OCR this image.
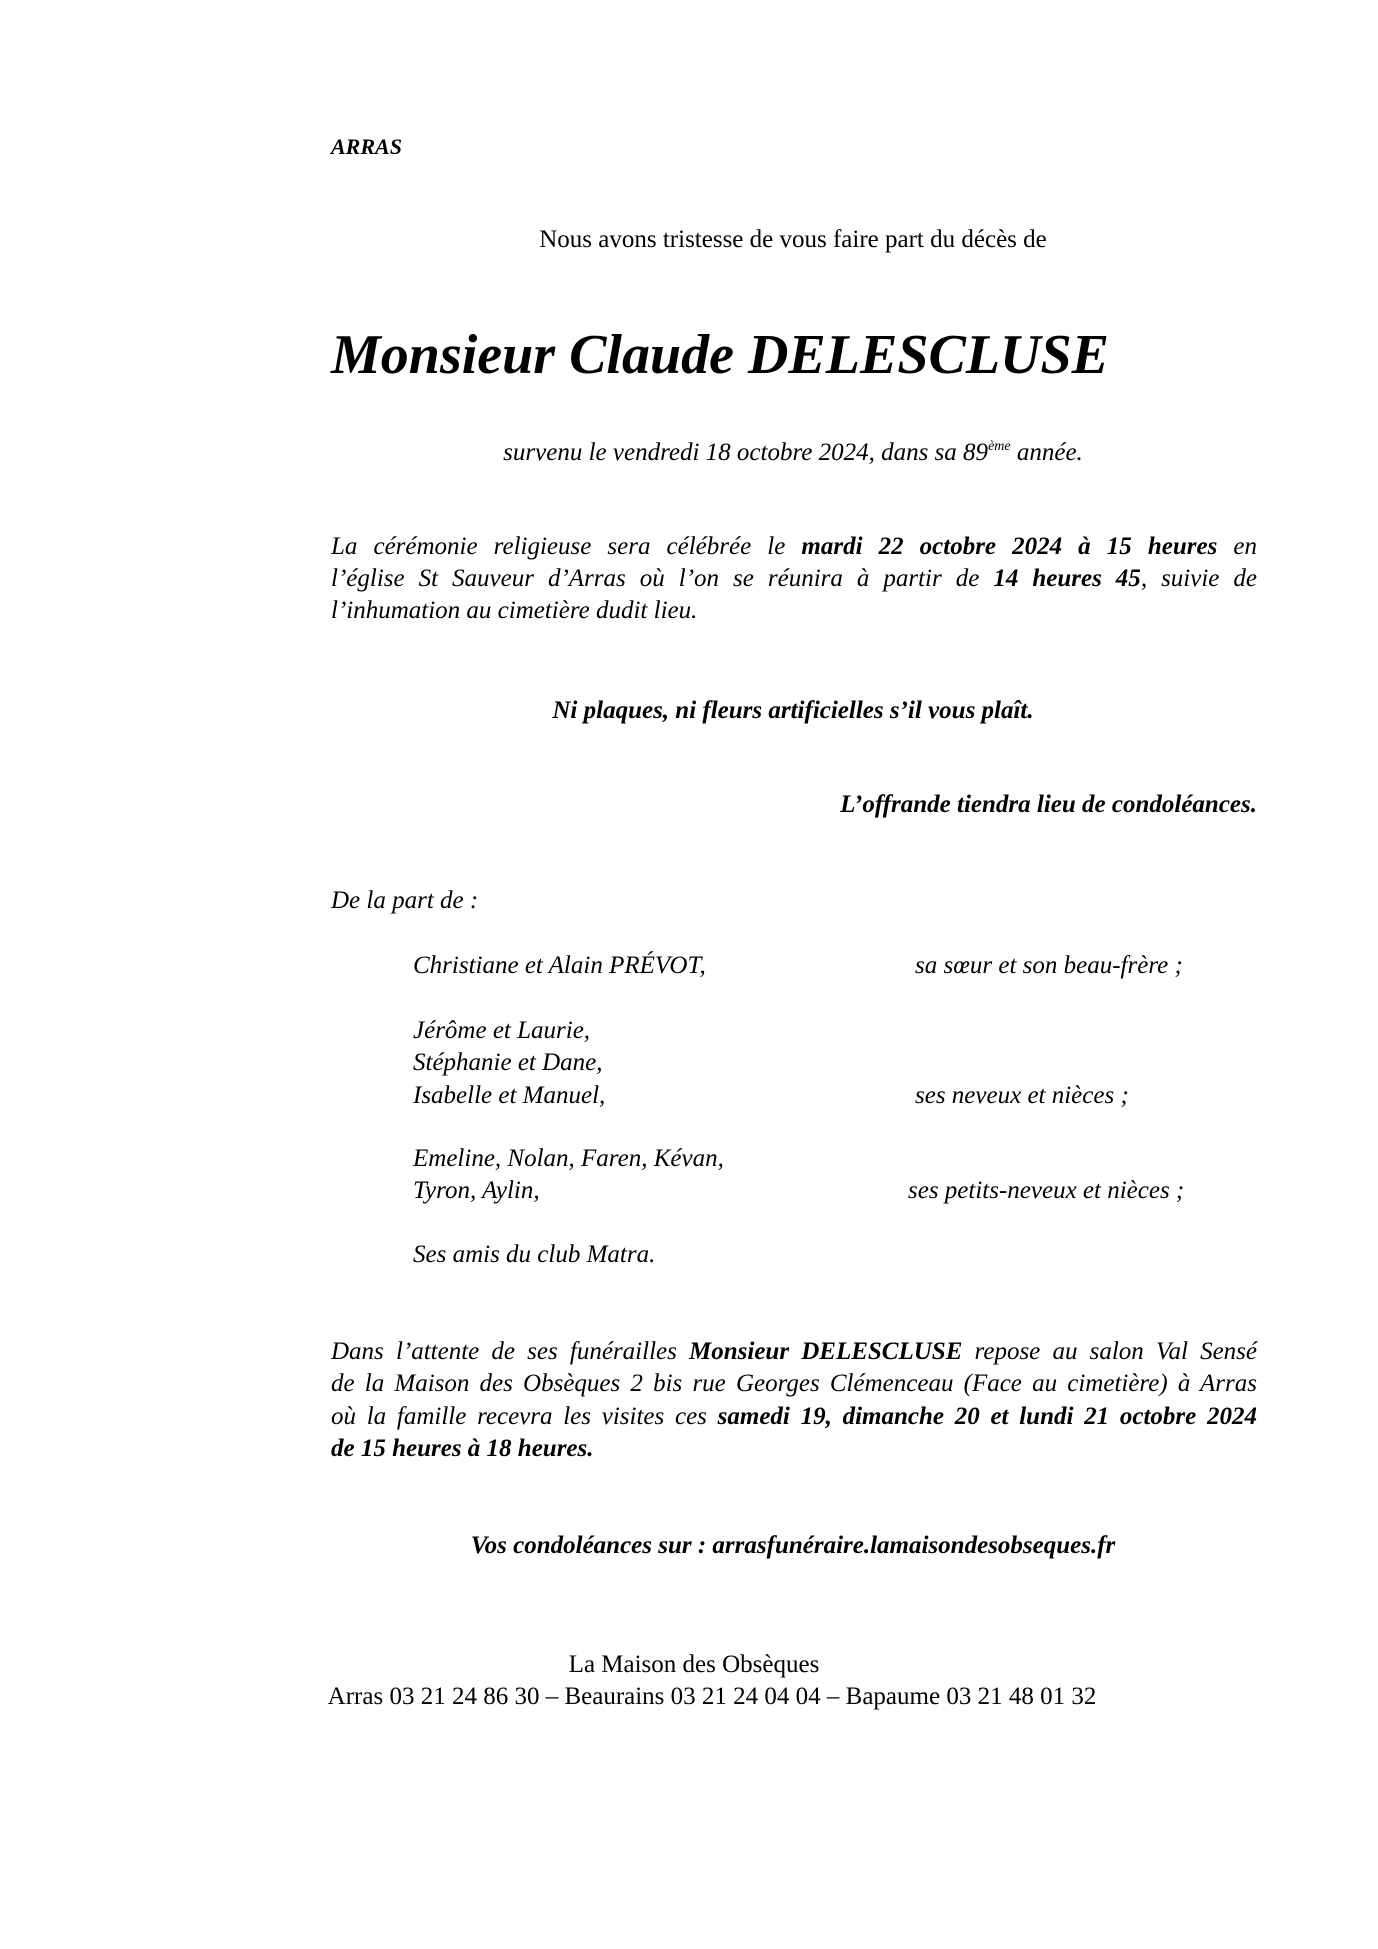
ARRAS
Nous avons tristesse de vous faire part du décès de
Monsieur Claude DELESCLUSE
survenu le vendredi 18 octobre 2024, dans sa 89ème année.
La cérémonie religieuse sera célébrée le mardi 22 octobre 2024 à 15 heures en
l’église St Sauveur d’Arras où l’on se réunira à partir de 14 heures 45, suivie de
l’inhumation au cimetière dudit lieu.
Ni plaques, ni fleurs artificielles s’il vous plaît.
L’offrande tiendra lieu de condoléances.
De la part de :
Christiane et Alain PRÉVOT,	sa sœur et son beau-frère ;
Jérôme et Laurie,
Stéphanie et Dane,
Isabelle et Manuel,	ses neveux et nièces ;
Emeline, Nolan, Faren, Kévan,
Tyron, Aylin,	ses petits-neveux et nièces ;
Ses amis du club Matra.
Dans l’attente de ses funérailles Monsieur DELESCLUSE repose au salon Val Sensé
de la Maison des Obsèques 2 bis rue Georges Clémenceau (Face au cimetière) à Arras
où la famille recevra les visites ces samedi 19, dimanche 20 et lundi 21 octobre 2024
de 15 heures à 18 heures.
Vos condoléances sur : arrasfunéraire.lamaisondesobseques.fr
La Maison des Obsèques
Arras 03 21 24 86 30 – Beaurains 03 21 24 04 04 – Bapaume 03 21 48 01 32
